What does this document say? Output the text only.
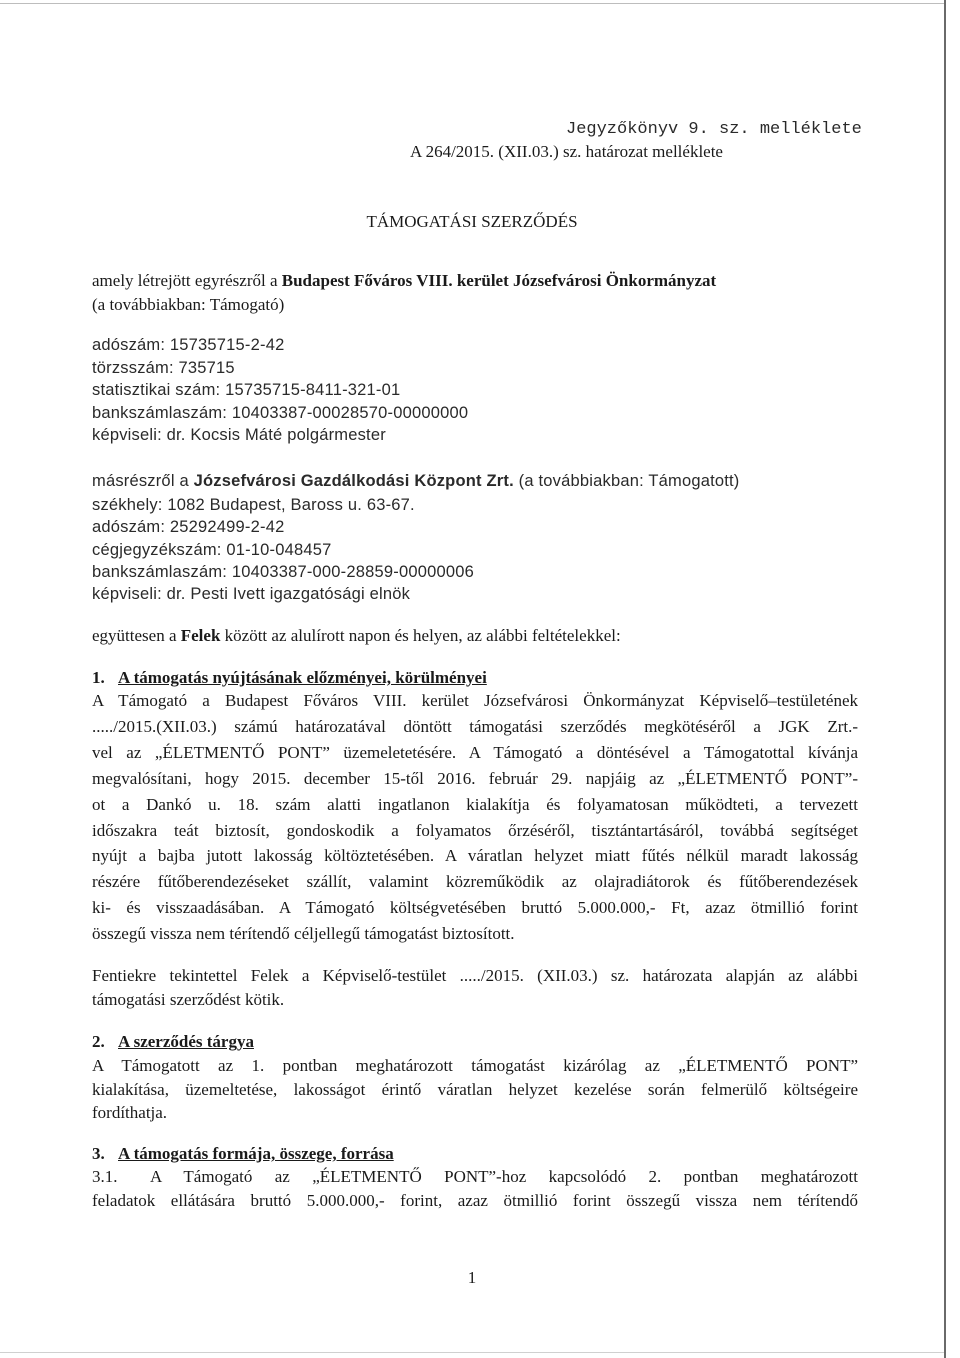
Jegyzőkönyv 9. sz. melléklete
A 264/2015. (XII.03.) sz. határozat melléklete
TÁMOGATÁSI SZERZŐDÉS
amely létrejött egyrészről a Budapest Főváros VIII. kerület Józsefvárosi Önkormányzat
(a továbbiakban: Támogató)
adószám: 15735715-2-42
törzsszám: 735715
statisztikai szám: 15735715-8411-321-01
bankszámlaszám: 10403387-00028570-00000000
képviseli: dr. Kocsis Máté polgármester
másrészről a Józsefvárosi Gazdálkodási Központ Zrt. (a továbbiakban: Támogatott)
székhely: 1082 Budapest, Baross u. 63-67.
adószám: 25292499-2-42
cégjegyzékszám: 01-10-048457
bankszámlaszám: 10403387-000-28859-00000006
képviseli: dr. Pesti Ivett igazgatósági elnök
együttesen a Felek között az alulírott napon és helyen, az alábbi feltételekkel:
1. A támogatás nyújtásának előzményei, körülményei
A Támogató a Budapest Főváros VIII. kerület Józsefvárosi Önkormányzat Képviselő–testületének
...../2015.(XII.03.) számú határozatával döntött támogatási szerződés megkötéséről a JGK Zrt.-
vel az „ÉLETMENTŐ PONT” üzemeletetésére. A Támogató a döntésével a Támogatottal kívánja
megvalósítani, hogy 2015. december 15-től 2016. február 29. napjáig az „ÉLETMENTŐ PONT”-
ot a Dankó u. 18. szám alatti ingatlanon kialakítja és folyamatosan működteti, a tervezett
időszakra teát biztosít, gondoskodik a folyamatos őrzéséről, tisztántartásáról, továbbá segítséget
nyújt a bajba jutott lakosság költöztetésében. A váratlan helyzet miatt fűtés nélkül maradt lakosság
részére fűtőberendezéseket szállít, valamint közreműködik az olajradiátorok és fűtőberendezések
ki- és visszaadásában. A Támogató költségvetésében bruttó 5.000.000,- Ft, azaz ötmillió forint
összegű vissza nem térítendő céljellegű támogatást biztosított.
Fentiekre tekintettel Felek a Képviselő-testület ...../2015. (XII.03.) sz. határozata alapján az alábbi
támogatási szerződést kötik.
2. A szerződés tárgya
A Támogatott az 1. pontban meghatározott támogatást kizárólag az „ÉLETMENTŐ PONT”
kialakítása, üzemeltetése, lakosságot érintő váratlan helyzet kezelése során felmerülő költségeire
fordíthatja.
3. A támogatás formája, összege, forrása
3.1. A Támogató az „ÉLETMENTŐ PONT”-hoz kapcsolódó 2. pontban meghatározott
feladatok ellátására bruttó 5.000.000,- forint, azaz ötmillió forint összegű vissza nem térítendő
1
